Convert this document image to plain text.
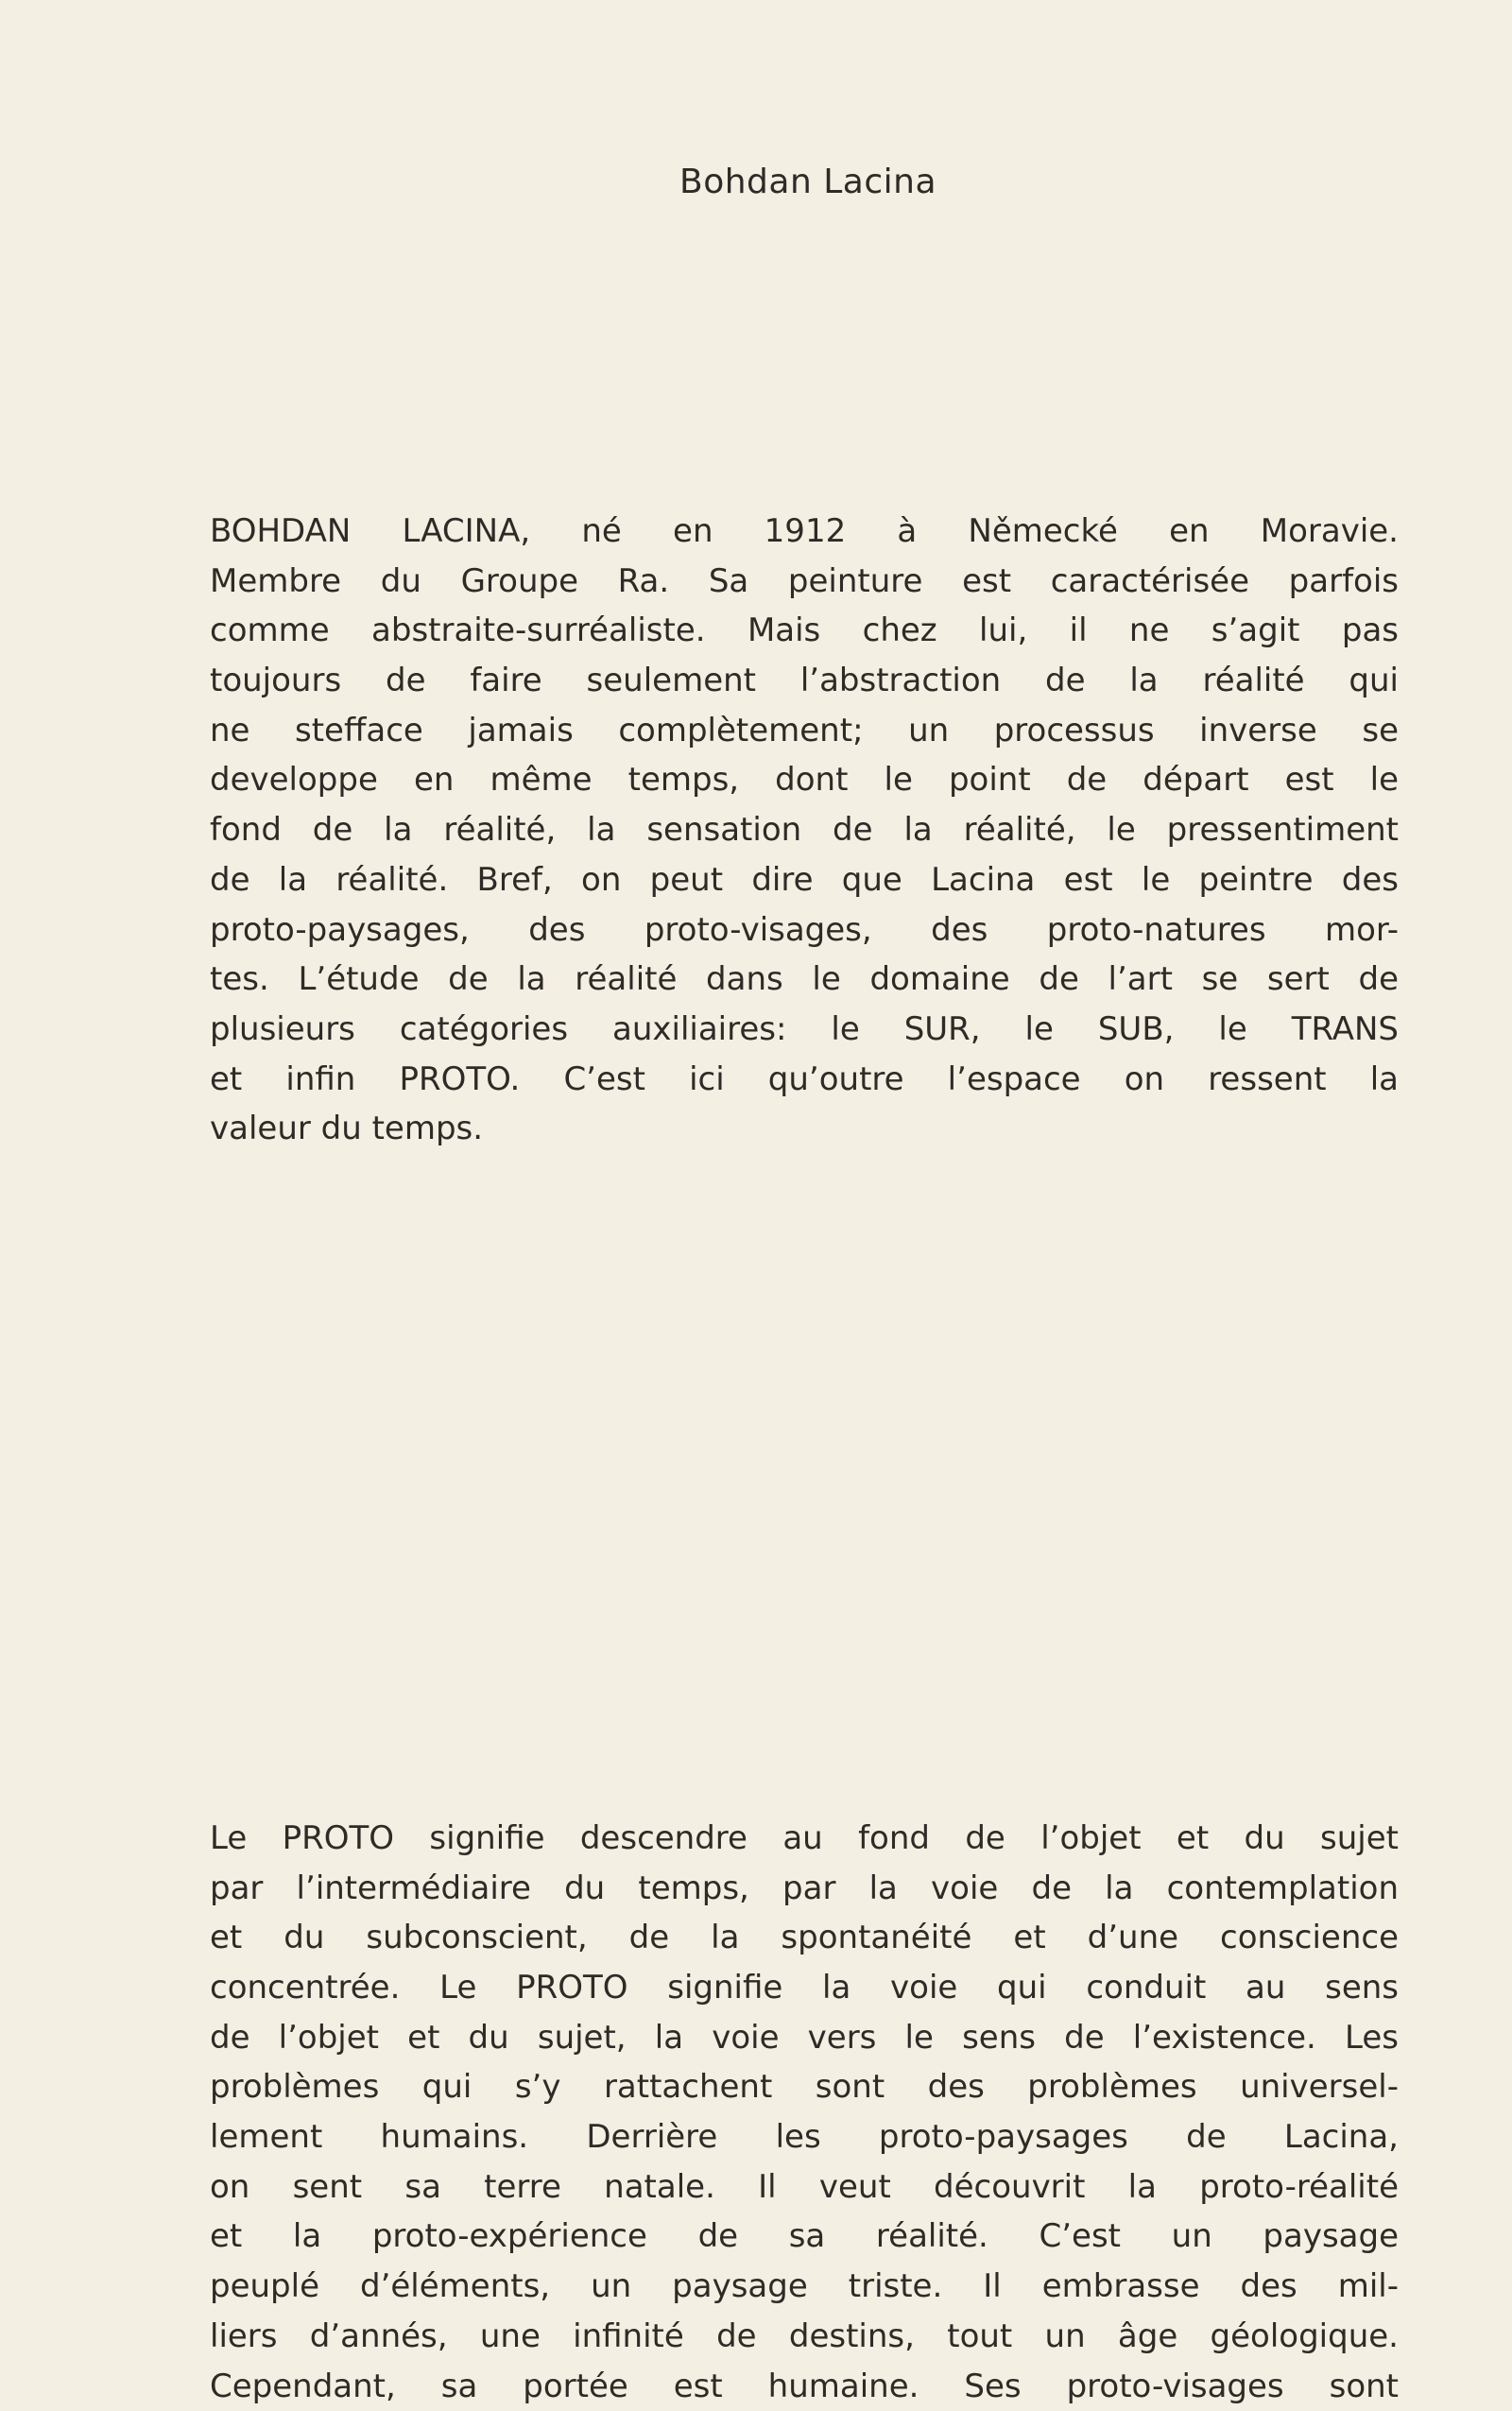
Bohdan Lacina
BOHDAN LACINA, né en 1912 à Německé en Moravie.
Membre du Groupe Ra. Sa peinture est caractérisée parfois
comme abstraite-surréaliste. Mais chez lui, il ne s’agit pas
toujours de faire seulement l’abstraction de la réalité qui
ne stefface jamais complètement; un processus inverse se
developpe en même temps, dont le point de départ est le
fond de la réalité, la sensation de la réalité, le pressentiment
de la réalité. Bref, on peut dire que Lacina est le peintre des
proto-paysages, des proto-visages, des proto-natures mor-
tes. L’étude de la réalité dans le domaine de l’art se sert de
plusieurs catégories auxiliaires: le SUR, le SUB, le TRANS
et infin PROTO. C’est ici qu’outre l’espace on ressent la
valeur du temps.
Le PROTO signifie descendre au fond de l’objet et du sujet
par l’intermédiaire du temps, par la voie de la contemplation
et du subconscient, de la spontanéité et d’une conscience
concentrée. Le PROTO signifie la voie qui conduit au sens
de l’objet et du sujet, la voie vers le sens de l’existence. Les
problèmes qui s’y rattachent sont des problèmes universel-
lement humains. Derrière les proto-paysages de Lacina,
on sent sa terre natale. Il veut découvrit la proto-réalité
et la proto-expérience de sa réalité. C’est un paysage
peuplé d’éléments, un paysage triste. Il embrasse des mil-
liers d’annés, une infinité de destins, tout un âge géologique.
Cependant, sa portée est humaine. Ses proto-visages sont
